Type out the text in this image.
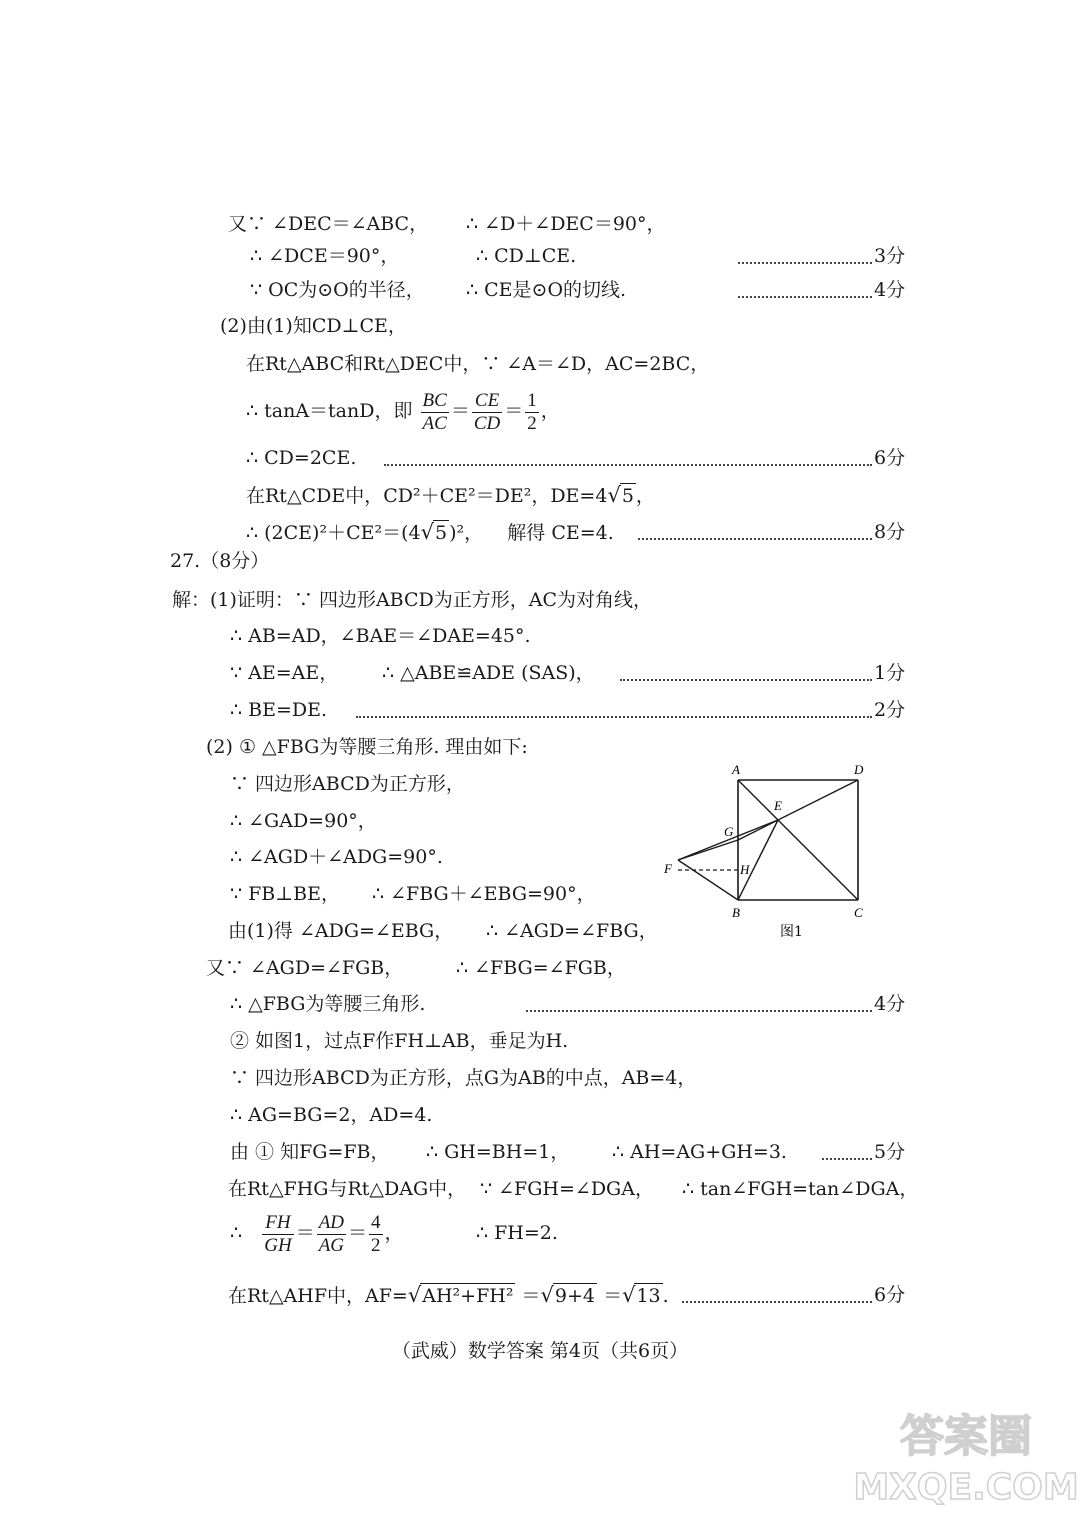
又∵ ∠DEC＝∠ABC， ∴ ∠D＋∠DEC＝90°，
∴ ∠DCE＝90°，	∴ CD⊥CE.	3分
∵ OC为⊙O的半径， ∴ CE是⊙O的切线.	4分
(2)由(1)知CD⊥CE，
在Rt△ABC和Rt△DEC中，∵ ∠A＝∠D，AC=2BC，
∴ tanA＝tanD，即 $\frac{BC}{AC} = \frac{CE}{CD} = \frac{1}{2}$ ，
∴ CD=2CE.	6分
在Rt△CDE中，CD²＋CE²＝DE²，DE=4√5 ，
∴ (2CE)²＋CE²＝(4√5 )²， 解得 CE=4.	8分
27.（8分）
解：(1)证明：∵ 四边形ABCD为正方形，AC为对角线，
∴ AB=AD，∠BAE＝∠DAE=45°.
∵ AE=AE， ∴ △ABE≌ADE (SAS)，	1分
∴ BE=DE.	2分
(2) ① △FBG为等腰三角形. 理由如下:
∵ 四边形ABCD为正方形，
∴ ∠GAD=90°，
∴ ∠AGD＋∠ADG=90°.
∵ FB⊥BE， ∴ ∠FBG＋∠EBG=90°，
由(1)得 ∠ADG=∠EBG， ∴ ∠AGD=∠FBG，
A	D
B	C
E
G
H
F
图1
又∵ ∠AGD=∠FGB，	∴ ∠FBG=∠FGB，
∴ △FBG为等腰三角形.	4分
② 如图1，过点F作FH⊥AB，垂足为H.
∵ 四边形ABCD为正方形，点G为AB的中点，AB=4，
∴ AG=BG=2，AD=4.
由 ① 知FG=FB， ∴ GH=BH=1， ∴ AH=AG+GH=3.	5分
在Rt△FHG与Rt△DAG中， ∵ ∠FGH=∠DGA， ∴ tan∠FGH=tan∠DGA，
∴ $\frac{FH}{GH} = \frac{AD}{AG} = \frac{4}{2}$ ，	∴ FH=2.
在Rt△AHF中，AF=√AH²+FH² ＝√9+4 ＝√13 .	6分
（武威）数学答案 第4页（共6页）
答案圈
MXQE.COM
